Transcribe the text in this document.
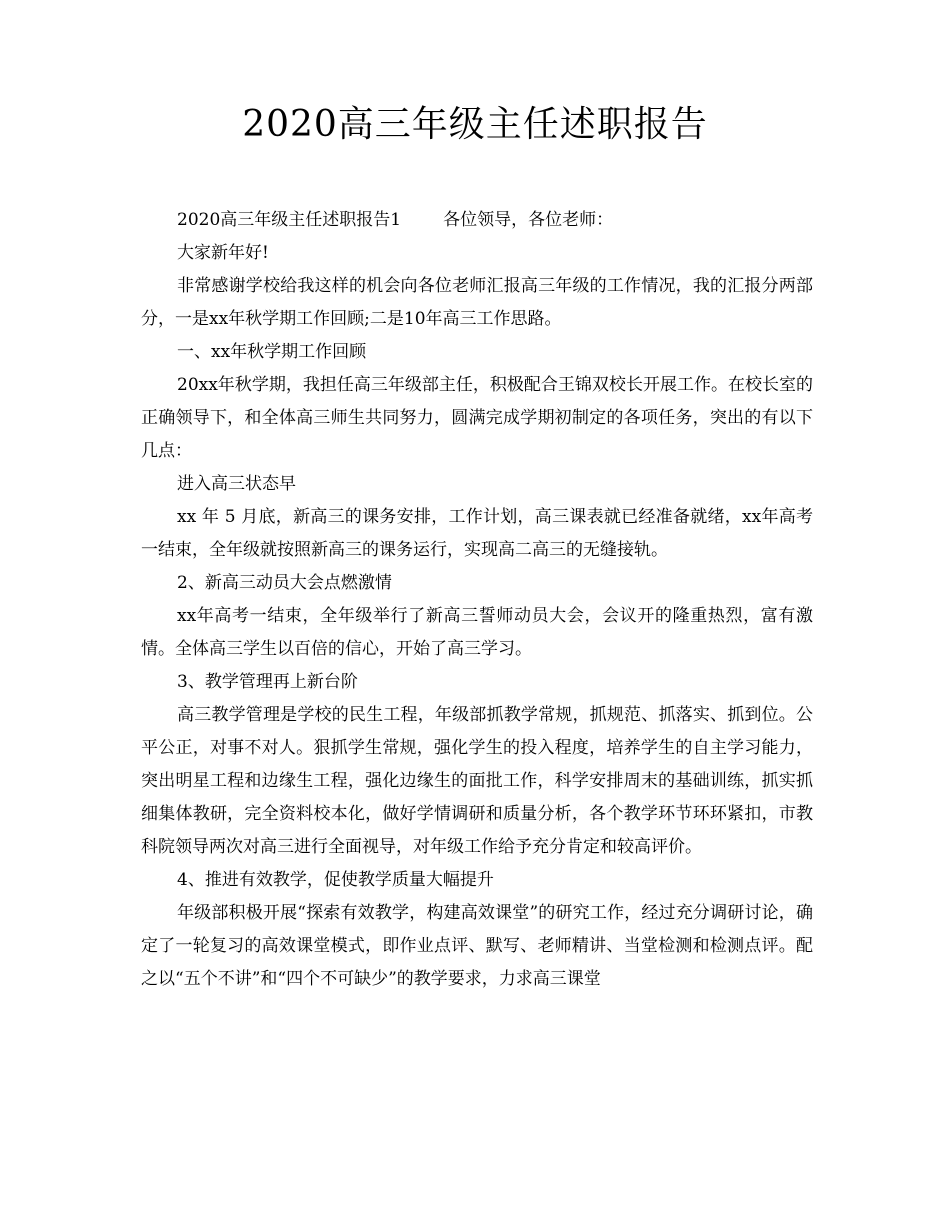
2020高三年级主任述职报告

2020高三年级主任述职报告1 各位领导，各位老师：

大家新年好!

非常感谢学校给我这样的机会向各位老师汇报高三年级的工作情况，我的汇报分两部分，一是xx年秋学期工作回顾;二是10年高三工作思路。

一、xx年秋学期工作回顾

20xx年秋学期，我担任高三年级部主任，积极配合王锦双校长开展工作。在校长室的正确领导下，和全体高三师生共同努力，圆满完成学期初制定的各项任务，突出的有以下几点：

进入高三状态早

xx 年 5 月底，新高三的课务安排，工作计划，高三课表就已经准备就绪，xx年高考一结束，全年级就按照新高三的课务运行，实现高二高三的无缝接轨。

2、新高三动员大会点燃激情

xx年高考一结束，全年级举行了新高三誓师动员大会，会议开的隆重热烈，富有激情。全体高三学生以百倍的信心，开始了高三学习。

3、教学管理再上新台阶

高三教学管理是学校的民生工程，年级部抓教学常规，抓规范、抓落实、抓到位。公平公正，对事不对人。狠抓学生常规，强化学生的投入程度，培养学生的自主学习能力，突出明星工程和边缘生工程，强化边缘生的面批工作，科学安排周末的基础训练，抓实抓细集体教研，完全资料校本化，做好学情调研和质量分析，各个教学环节环环紧扣，市教科院领导两次对高三进行全面视导，对年级工作给予充分肯定和较高评价。

4、推进有效教学，促使教学质量大幅提升

年级部积极开展“探索有效教学，构建高效课堂”的研究工作，经过充分调研讨论，确定了一轮复习的高效课堂模式，即作业点评、默写、老师精讲、当堂检测和检测点评。配之以“五个不讲”和“四个不可缺少”的教学要求，力求高三课堂
